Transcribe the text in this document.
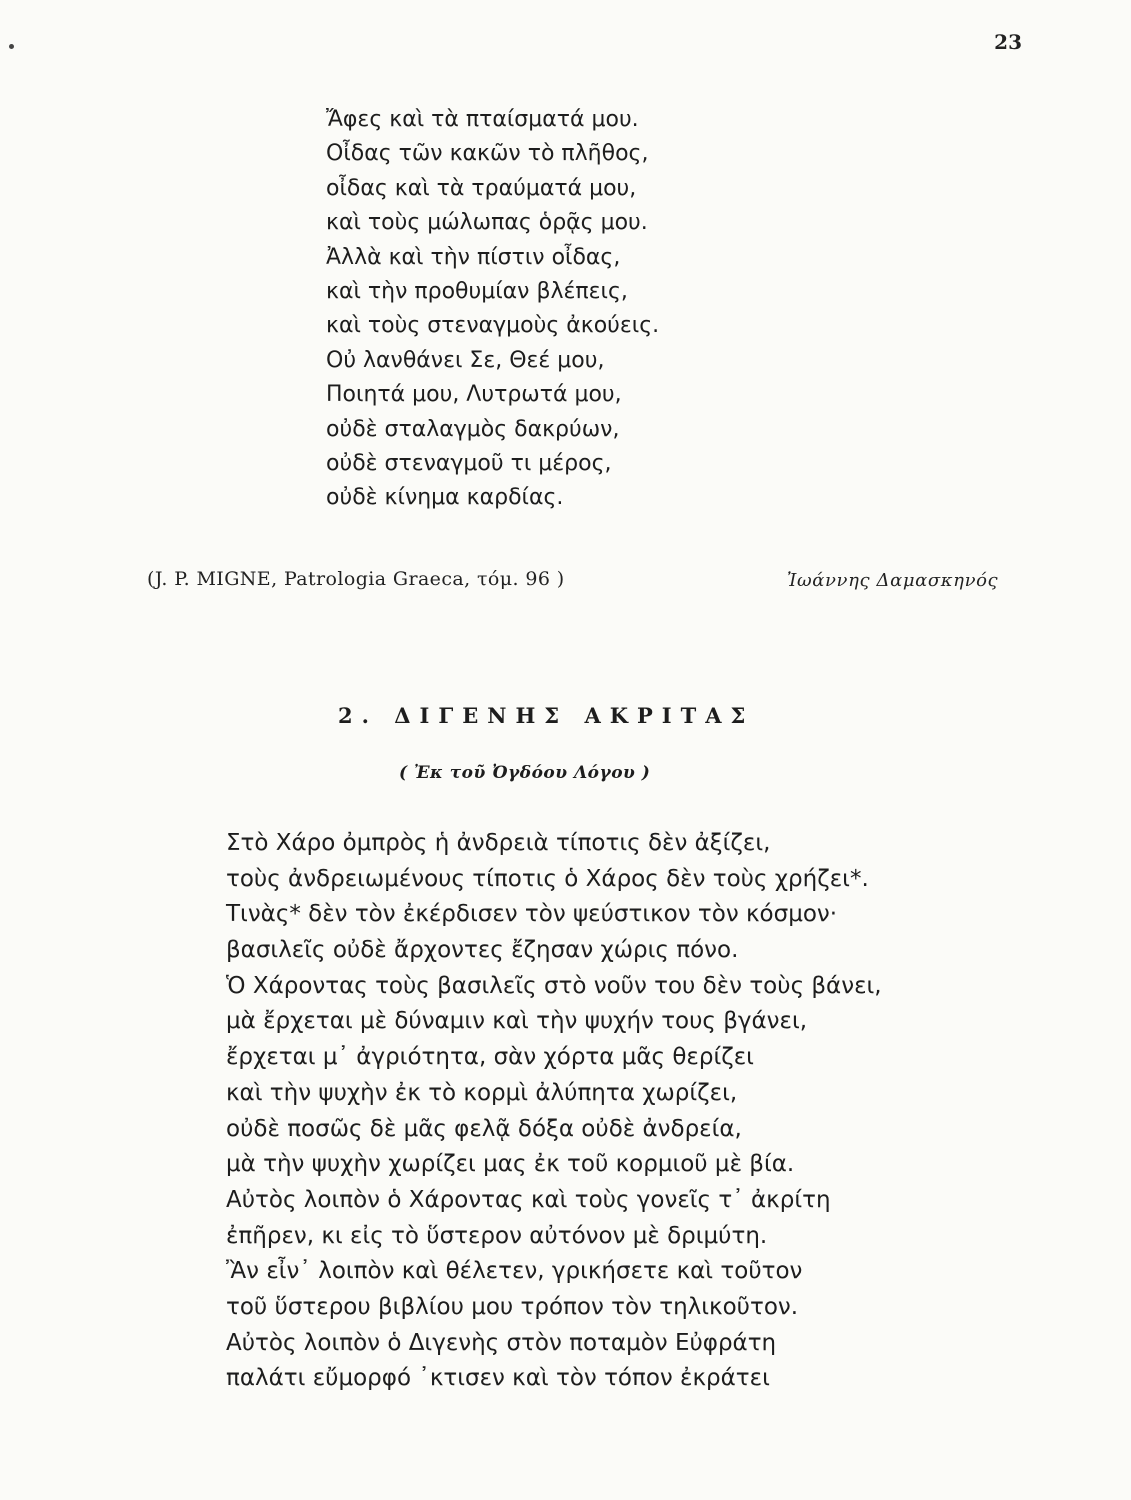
23
Ἄφες καὶ τὰ πταίσματά μου.
Οἶδας τῶν κακῶν τὸ πλῆθος,
οἶδας καὶ τὰ τραύματά μου,
καὶ τοὺς μώλωπας ὁρᾷς μου.
Ἀλλὰ καὶ τὴν πίστιν οἶδας,
καὶ τὴν προθυμίαν βλέπεις,
καὶ τοὺς στεναγμοὺς ἀκούεις.
Οὐ λανθάνει Σε, Θεέ μου,
Ποιητά μου, Λυτρωτά μου,
οὐδὲ σταλαγμὸς δακρύων,
οὐδὲ στεναγμοῦ τι μέρος,
οὐδὲ κίνημα καρδίας.
(J. P. MIGNE, Patrologia Graeca, τόμ. 96 )	Ἰωάννης Δαμασκηνός
2. ΔΙΓΕΝΗΣ ΑΚΡΙΤΑΣ
( Ἐκ τοῦ Ὀγδόου Λόγου )
Στὸ Χάρο ὀμπρὸς ἡ ἀνδρειὰ τίποτις δὲν ἀξίζει,
τοὺς ἀνδρειωμένους τίποτις ὁ Χάρος δὲν τοὺς χρήζει*.
Τινὰς* δὲν τὸν ἐκέρδισεν τὸν ψεύστικον τὸν κόσμον·
βασιλεῖς οὐδὲ ἄρχοντες ἔζησαν χώρις πόνο.
Ὁ Χάροντας τοὺς βασιλεῖς στὸ νοῦν του δὲν τοὺς βάνει,
μὰ ἔρχεται μὲ δύναμιν καὶ τὴν ψυχήν τους βγάνει,
ἔρχεται μ᾿ ἀγριότητα, σὰν χόρτα μᾶς θερίζει
καὶ τὴν ψυχὴν ἐκ τὸ κορμὶ ἀλύπητα χωρίζει,
οὐδὲ ποσῶς δὲ μᾶς φελᾷ δόξα οὐδὲ ἀνδρεία,
μὰ τὴν ψυχὴν χωρίζει μας ἐκ τοῦ κορμιοῦ μὲ βία.
Αὐτὸς λοιπὸν ὁ Χάροντας καὶ τοὺς γονεῖς τ᾿ ἀκρίτη
ἐπῆρεν, κι εἰς τὸ ὕστερον αὐτόνον μὲ δριμύτη.
Ἂν εἶν᾿ λοιπὸν καὶ θέλετεν, γρικήσετε καὶ τοῦτον
τοῦ ὕστερου βιβλίου μου τρόπον τὸν τηλικοῦτον.
Αὐτὸς λοιπὸν ὁ Διγενὴς στὸν ποταμὸν Εὐφράτη
παλάτι εὔμορφό ᾿κτισεν καὶ τὸν τόπον ἐκράτει
